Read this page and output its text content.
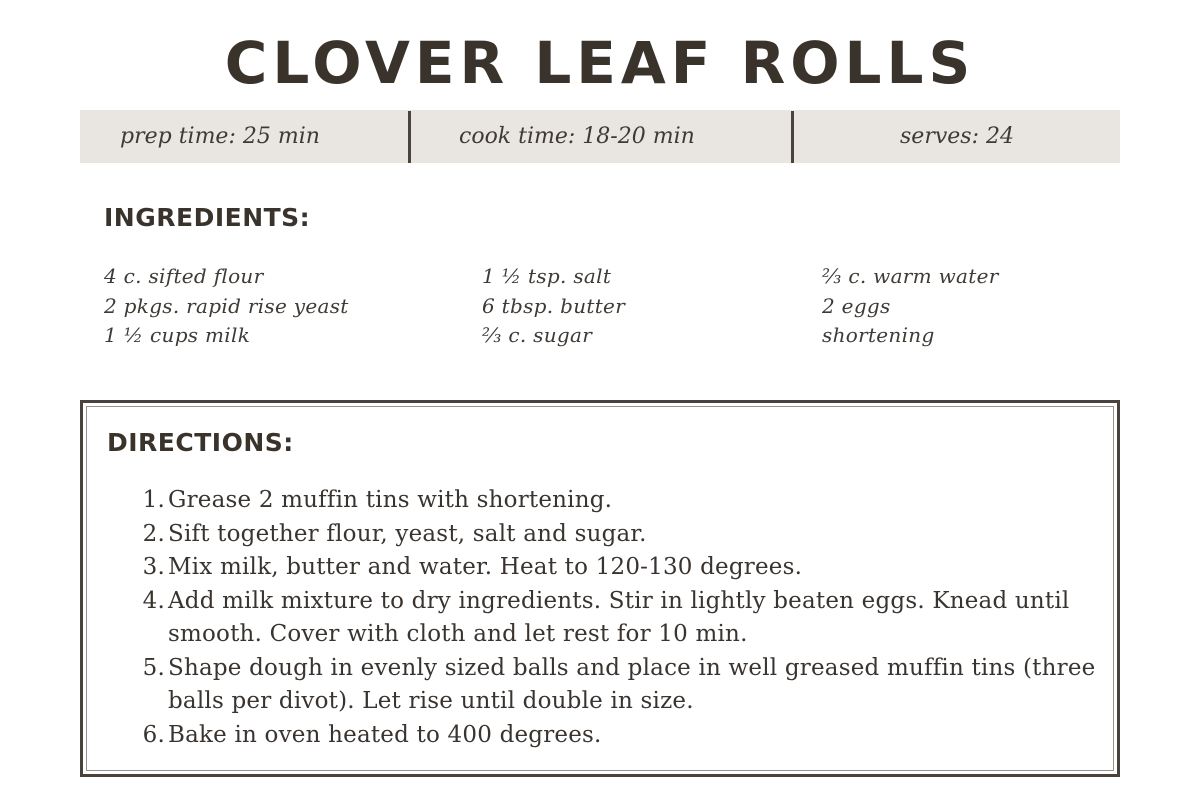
CLOVER LEAF ROLLS
prep time: 25 min	cook time: 18-20 min	serves: 24
INGREDIENTS:
4 c. sifted flour
2 pkgs. rapid rise yeast
1 ½ cups milk
1 ½ tsp. salt
6 tbsp. butter
⅔ c. sugar
⅔ c. warm water
2 eggs
shortening
DIRECTIONS:
1. Grease 2 muffin tins with shortening.
2. Sift together flour, yeast, salt and sugar.
3. Mix milk, butter and water. Heat to 120-130 degrees.
4. Add milk mixture to dry ingredients. Stir in lightly beaten eggs. Knead until smooth. Cover with cloth and let rest for 10 min.
5. Shape dough in evenly sized balls and place in well greased muffin tins (three balls per divot). Let rise until double in size.
6. Bake in oven heated to 400 degrees.
